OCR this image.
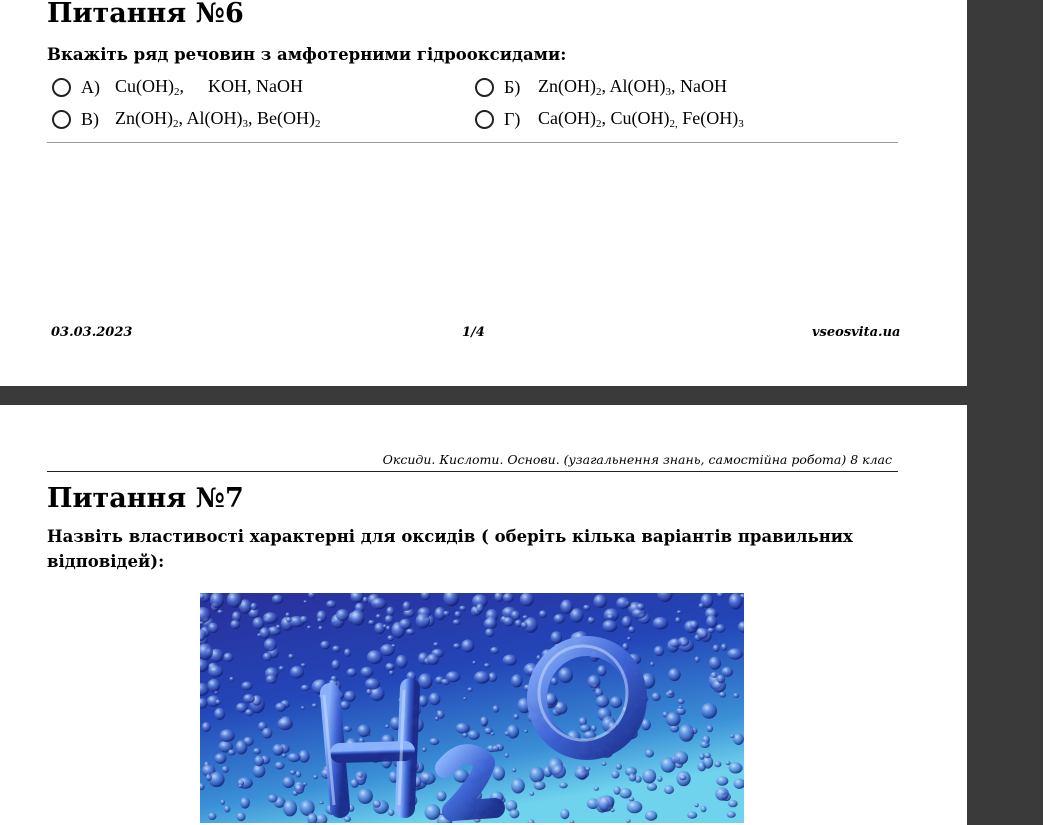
Питання №6

Вкажіть ряд речовин з амфотерними гідрооксидами:

А) $Cu(OH)_2$, KOH, NaOH	Б) $Zn(OH)_2$, $Al(OH)_3$, NaOH
В) $Zn(OH)_2$, $Al(OH)_3$, $Be(OH)_2$	Г) $Ca(OH)_2$, $Cu(OH)_{2,}$ $Fe(OH)_3$
03.03.2023	1/4	vseosvita.ua
Оксиди. Кислоти. Основи. (узагальнення знань, самостійна робота) 8 клас
Питання №7

Назвіть властивості характерні для оксидів ( оберіть кілька варіантів правильних відповідей):
